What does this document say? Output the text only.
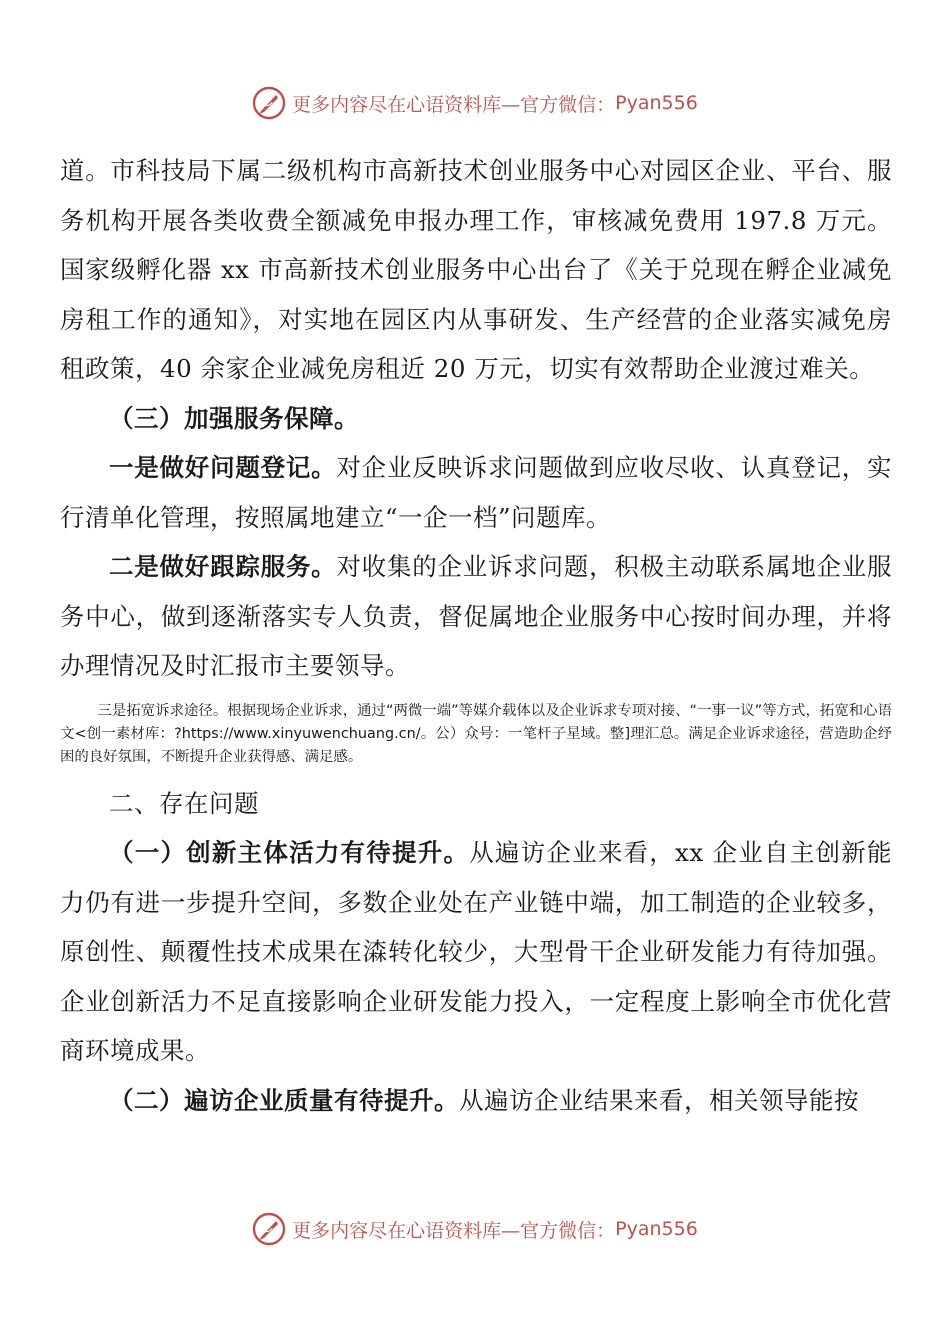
更多内容尽在心语资料库—官方微信： Pyan556

道。市科技局下属二级机构市高新技术创业服务中心对园区企业、平台、服务机构开展各类收费全额减免申报办理工作，审核减免费用 197.8 万元。国家级孵化器 xx 市高新技术创业服务中心出台了《关于兑现在孵企业减免房租工作的通知》，对实地在园区内从事研发、生产经营的企业落实减免房租政策，40 余家企业减免房租近 20 万元，切实有效帮助企业渡过难关。

（三）加强服务保障。

一是做好问题登记。对企业反映诉求问题做到应收尽收、认真登记，实行清单化管理，按照属地建立“一企一档”问题库。

二是做好跟踪服务。对收集的企业诉求问题，积极主动联系属地企业服务中心，做到逐渐落实专人负责，督促属地企业服务中心按时间办理，并将办理情况及时汇报市主要领导。

三是拓宽诉求途径。根据现场企业诉求，通过“两微一端”等媒介载体以及企业诉求专项对接、“一事一议”等方式，拓宽和心语文<创一素材库：?https://www.xinyuwenchuang.cn/。公）众号：一笔杆子星域。整]理汇总。满足企业诉求途径，营造助企纾困的良好氛围，不断提升企业获得感、满足感。

二、存在问题

（一）创新主体活力有待提升。从遍访企业来看，xx 企业自主创新能力仍有进一步提升空间，多数企业处在产业链中端，加工制造的企业较多，原创性、颠覆性技术成果在潹转化较少，大型骨干企业研发能力有待加强。企业创新活力不足直接影响企业研发能力投入，一定程度上影响全市优化营商环境成果。

（二）遍访企业质量有待提升。从遍访企业结果来看，相关领导能按

更多内容尽在心语资料库—官方微信： Pyan556
